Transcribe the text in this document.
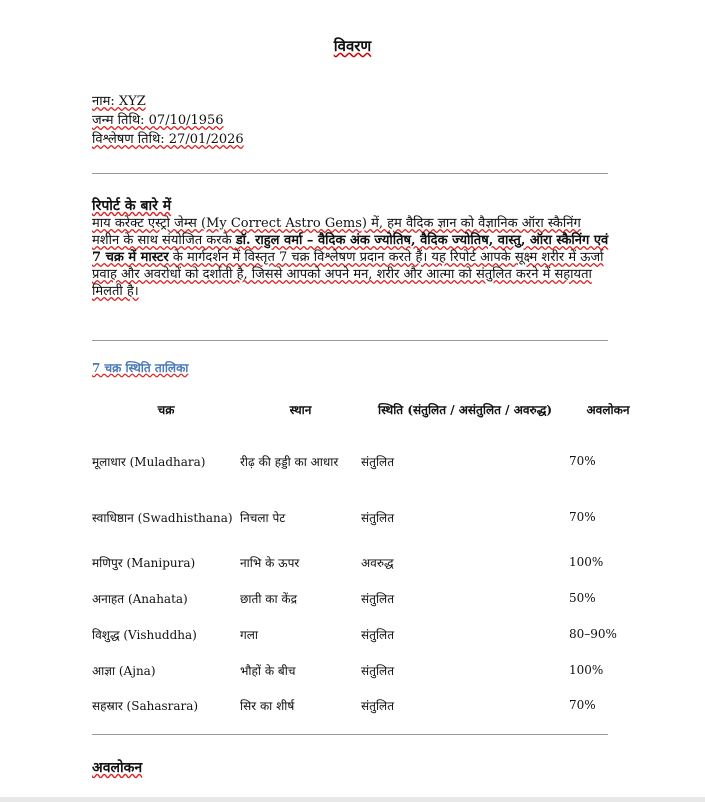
विवरण
नाम: XYZ
जन्म तिथि: 07/10/1956
विश्लेषण तिथि: 27/01/2026
रिपोर्ट के बारे में

माय करेक्ट एस्ट्रो जेम्स (My Correct Astro Gems) में, हम वैदिक ज्ञान को वैज्ञानिक ऑरा स्कैनिंग मशीन के साथ संयोजित करके डॉ. राहुल वर्मा – वैदिक अंक ज्योतिष, वैदिक ज्योतिष, वास्तु, ऑरा स्कैनिंग एवं 7 चक्र में मास्टर के मार्गदर्शन में विस्तृत 7 चक्र विश्लेषण प्रदान करते हैं। यह रिपोर्ट आपके सूक्ष्म शरीर में ऊर्जा प्रवाह और अवरोधों को दर्शाती है, जिससे आपको अपने मन, शरीर और आत्मा को संतुलित करने में सहायता मिलती है।

7 चक्र स्थिति तालिका
चक्र	स्थान	स्थिति (संतुलित / असंतुलित / अवरुद्ध)	अवलोकन
मूलाधार (Muladhara)	रीढ़ की हड्डी का आधार	संतुलित	70%
स्वाधिष्ठान (Swadhisthana)	निचला पेट	संतुलित	70%
मणिपुर (Manipura)	नाभि के ऊपर	अवरुद्ध	100%
अनाहत (Anahata)	छाती का केंद्र	संतुलित	50%
विशुद्ध (Vishuddha)	गला	संतुलित	80–90%
आज्ञा (Ajna)	भौहों के बीच	संतुलित	100%
सहस्रार (Sahasrara)	सिर का शीर्ष	संतुलित	70%
अवलोकन
